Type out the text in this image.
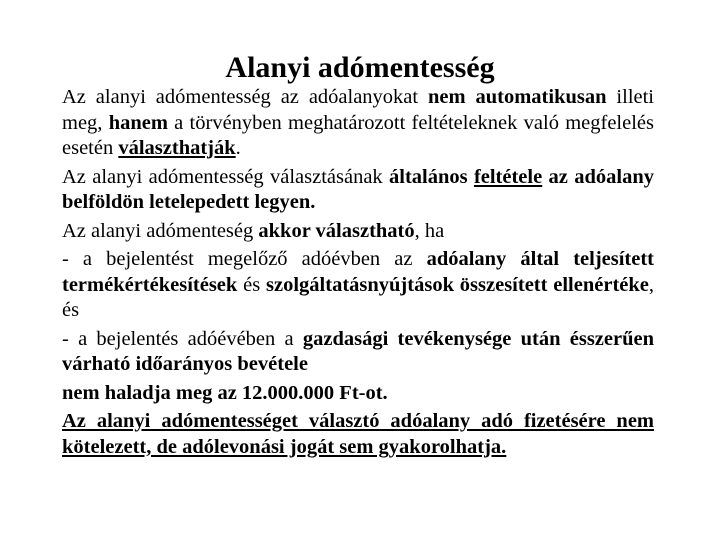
Alanyi adómentesség

Az alanyi adómentesség az adóalanyokat nem automatikusan illeti meg, hanem a törvényben meghatározott feltételeknek való megfelelés esetén választhatják.

Az alanyi adómentesség választásának általános feltétele az adóalany belföldön letelepedett legyen.

Az alanyi adómenteség akkor választható, ha

- a bejelentést megelőző adóévben az adóalany által teljesített termékértékesítések és szolgáltatásnyújtások összesített ellenértéke, és

- a bejelentés adóévében a gazdasági tevékenysége után ésszerűen várható időarányos bevétele

nem haladja meg az 12.000.000 Ft-ot.

Az alanyi adómentességet választó adóalany adó fizetésére nem kötelezett, de adólevonási jogát sem gyakorolhatja.
